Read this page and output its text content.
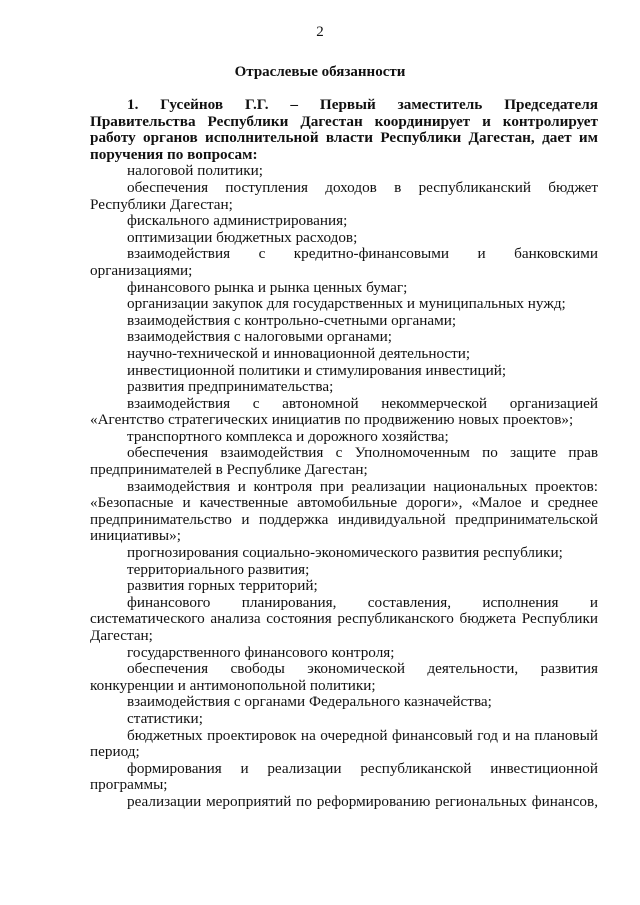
2
Отраслевые обязанности
1. Гусейнов Г.Г. – Первый заместитель Председателя
Правительства Республики Дагестан координирует и контролирует
работу органов исполнительной власти Республики Дагестан, дает им
поручения по вопросам:
налоговой политики;
обеспечения поступления доходов в республиканский бюджет
Республики Дагестан;
фискального администрирования;
оптимизации бюджетных расходов;
взаимодействия с кредитно-финансовыми и банковскими
организациями;
финансового рынка и рынка ценных бумаг;
организации закупок для государственных и муниципальных нужд;
взаимодействия с контрольно-счетными органами;
взаимодействия с налоговыми органами;
научно-технической и инновационной деятельности;
инвестиционной политики и стимулирования инвестиций;
развития предпринимательства;
взаимодействия с автономной некоммерческой организацией
«Агентство стратегических инициатив по продвижению новых проектов»;
транспортного комплекса и дорожного хозяйства;
обеспечения взаимодействия с Уполномоченным по защите прав
предпринимателей в Республике Дагестан;
взаимодействия и контроля при реализации национальных проектов:
«Безопасные и качественные автомобильные дороги», «Малое и среднее
предпринимательство и поддержка индивидуальной предпринимательской
инициативы»;
прогнозирования социально-экономического развития республики;
территориального развития;
развития горных территорий;
финансового планирования, составления, исполнения и
систематического анализа состояния республиканского бюджета Республики
Дагестан;
государственного финансового контроля;
обеспечения свободы экономической деятельности, развития
конкуренции и антимонопольной политики;
взаимодействия с органами Федерального казначейства;
статистики;
бюджетных проектировок на очередной финансовый год и на плановый
период;
формирования и реализации республиканской инвестиционной
программы;
реализации мероприятий по реформированию региональных финансов,
